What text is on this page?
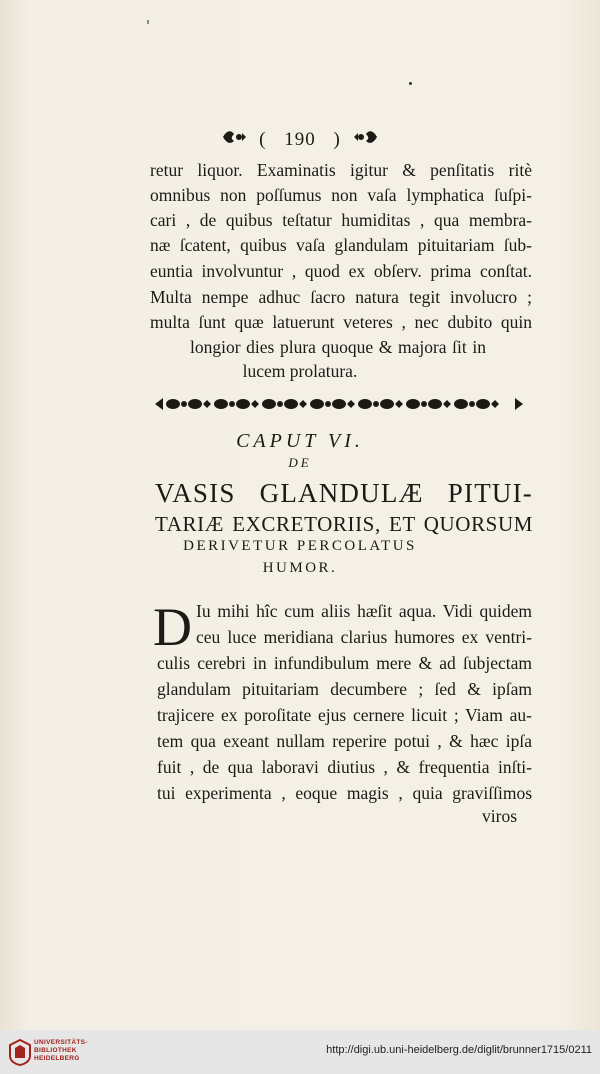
( 190 )
retur liquor. Examinatis igitur & penſitatis ritè
omnibus non poſſumus non vaſa lymphatica ſuſpi-
cari , de quibus teſtatur humiditas , qua membra-
næ ſcatent, quibus vaſa glandulam pituitariam ſub-
euntia involvuntur , quod ex obſerv. prima conſtat.
Multa nempe adhuc ſacro natura tegit involucro ;
multa ſunt quæ latuerunt veteres , nec dubito quin
longior dies plura quoque & majora ſit in
lucem prolatura.
CAPUT VI.
DE
VASIS GLANDULÆ PITUI-
TARIÆ EXCRETORIIS, ET QUORSUM
DERIVETUR PERCOLATUS
HUMOR.
D Iu mihi hîc cum aliis hæſit aqua. Vidi quidem
ceu luce meridiana clarius humores ex ventri-
culis cerebri in infundibulum mere & ad ſubjectam
glandulam pituitariam decumbere ; ſed & ipſam
trajicere ex poroſitate ejus cernere licuit ; Viam au-
tem qua exeant nullam reperire potui , & hæc ipſa
fuit , de qua laboravi diutius , & frequentia inſti-
tui experimenta , eoque magis , quia graviſſimos
viros
UNIVERSITÄTS-
BIBLIOTHEK
HEIDELBERG
http://digi.ub.uni-heidelberg.de/diglit/brunner1715/0211
